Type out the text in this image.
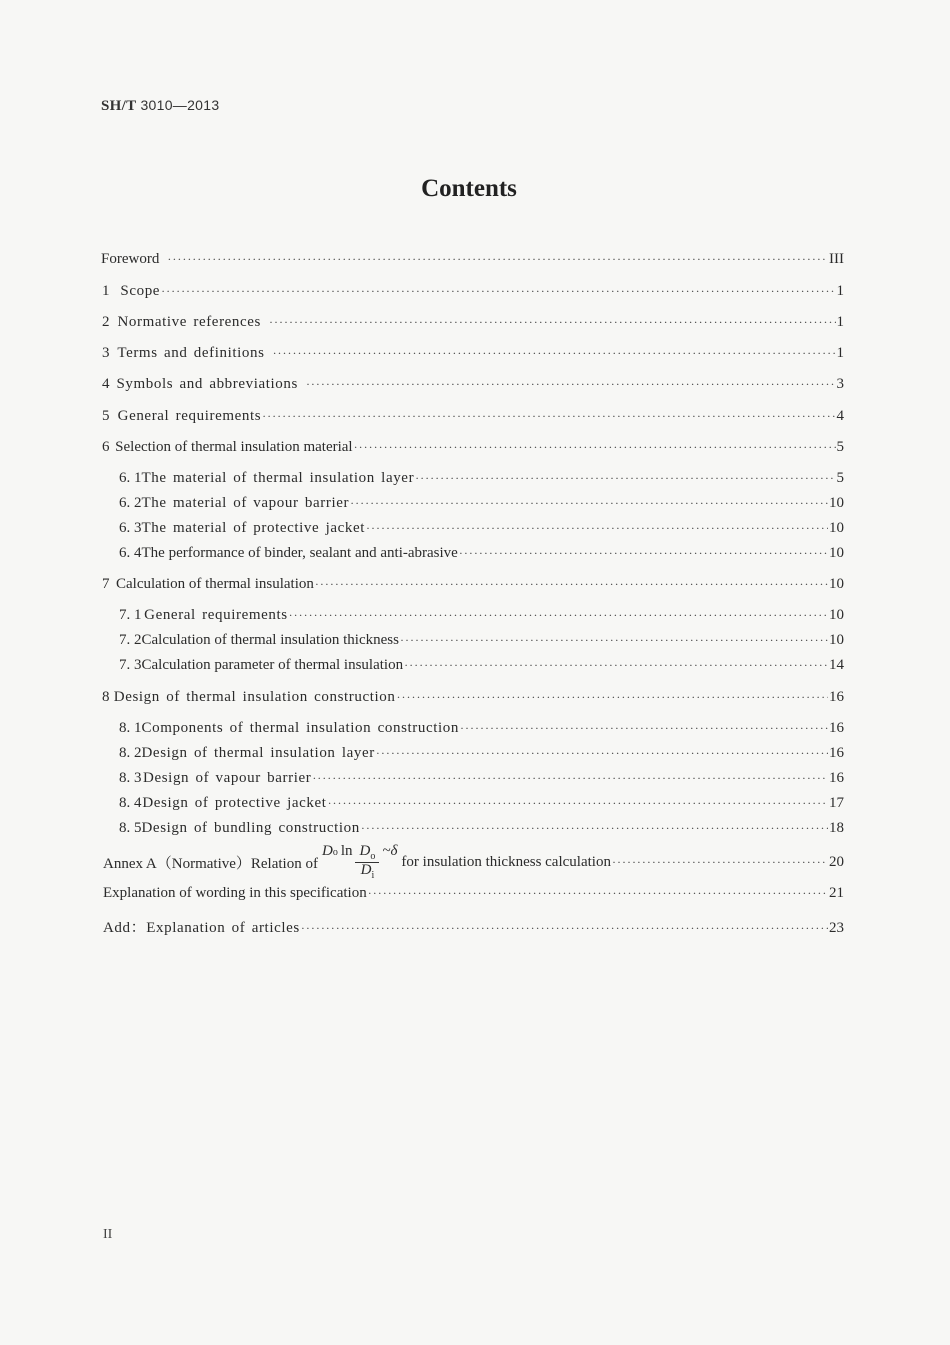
SH/T 3010—2013
Contents
Foreword ·····	III
1 Scope ·····	1
2 Normative references ·····	1
3 Terms and definitions ·····	1
4 Symbols and abbreviations ·····	3
5 General requirements ·····	4
6 Selection of thermal insulation material ·····	5
6. 1 The material of thermal insulation layer ·····	5
6. 2 The material of vapour barrier ·····	10
6. 3 The material of protective jacket ·····	10
6. 4 The performance of binder, sealant and anti-abrasive ·····	10
7 Calculation of thermal insulation ·····	10
7. 1 General requirements ·····	10
7. 2 Calculation of thermal insulation thickness ·····	10
7. 3 Calculation parameter of thermal insulation ·····	14
8 Design of thermal insulation construction ·····	16
8. 1 Components of thermal insulation construction ·····	16
8. 2 Design of thermal insulation layer ·····	16
8. 3 Design of vapour barrier ·····	16
8. 4 Design of protective jacket ·····	17
8. 5 Design of bundling construction ·····	18
Annex A（Normative）Relation of
D o $\ln \frac{D_o}{D_i}$ ~δ
for insulation thickness calculation ·····	20
Explanation of wording in this specification ·····	21
Add：Explanation of articles ·····	23
II
